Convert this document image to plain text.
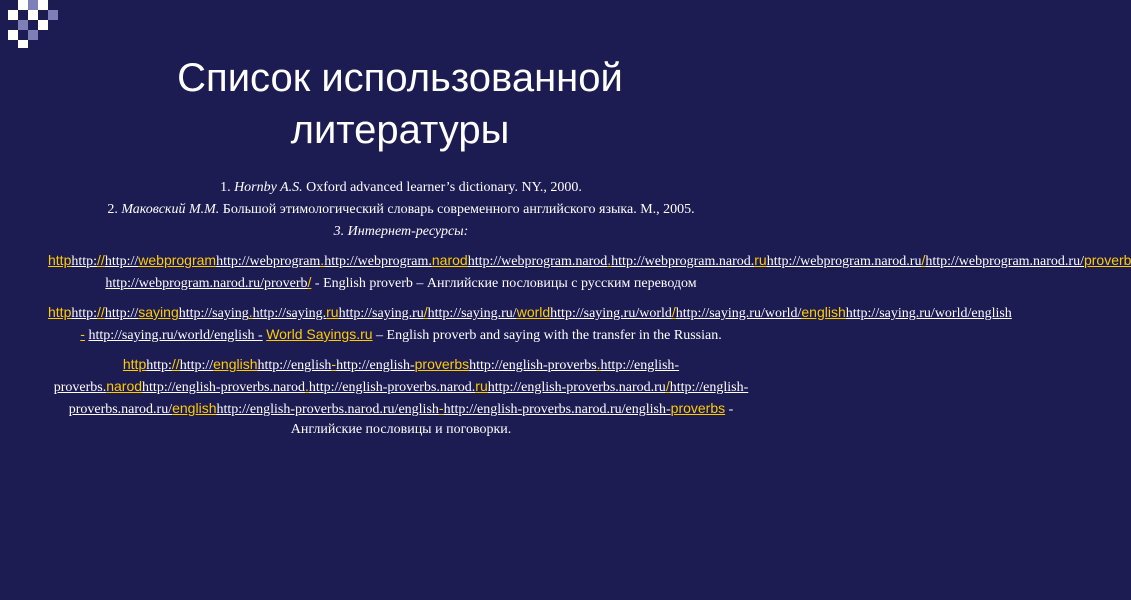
Список использованной
литературы

1. Hornby A.S. Oxford advanced learner’s dictionary. NY., 2000.

2. Маковский М.М. Большой этимологический словарь современного английского языка. М., 2005.

3. Интернет-ресурсы:

httphttp://http://webprogramhttp://webprogram.http://webprogram.narodhttp://webprogram.narod.http://webprogram.narod.ruhttp://webprogram.narod.ru/http://webprogram.narod.ru/proverb http://webprogram.narod.ru/proverb/ - English proverb – Английские пословицы с русским переводом

httphttp://http://sayinghttp://saying.http://saying.ruhttp://saying.ru/http://saying.ru/worldhttp://saying.ru/world/http://saying.ru/world/englishhttp://saying.ru/world/english - http://saying.ru/world/english - World Sayings.ru – English proverb and saying with the transfer in the Russian.

httphttp://http://englishhttp://english-http://english-proverbshttp://english-proverbs.http://english-proverbs.narodhttp://english-proverbs.narod.http://english-proverbs.narod.ruhttp://english-proverbs.narod.ru/http://english-proverbs.narod.ru/englishhttp://english-proverbs.narod.ru/english-http://english-proverbs.narod.ru/english-proverbs - Английские пословицы и поговорки.
